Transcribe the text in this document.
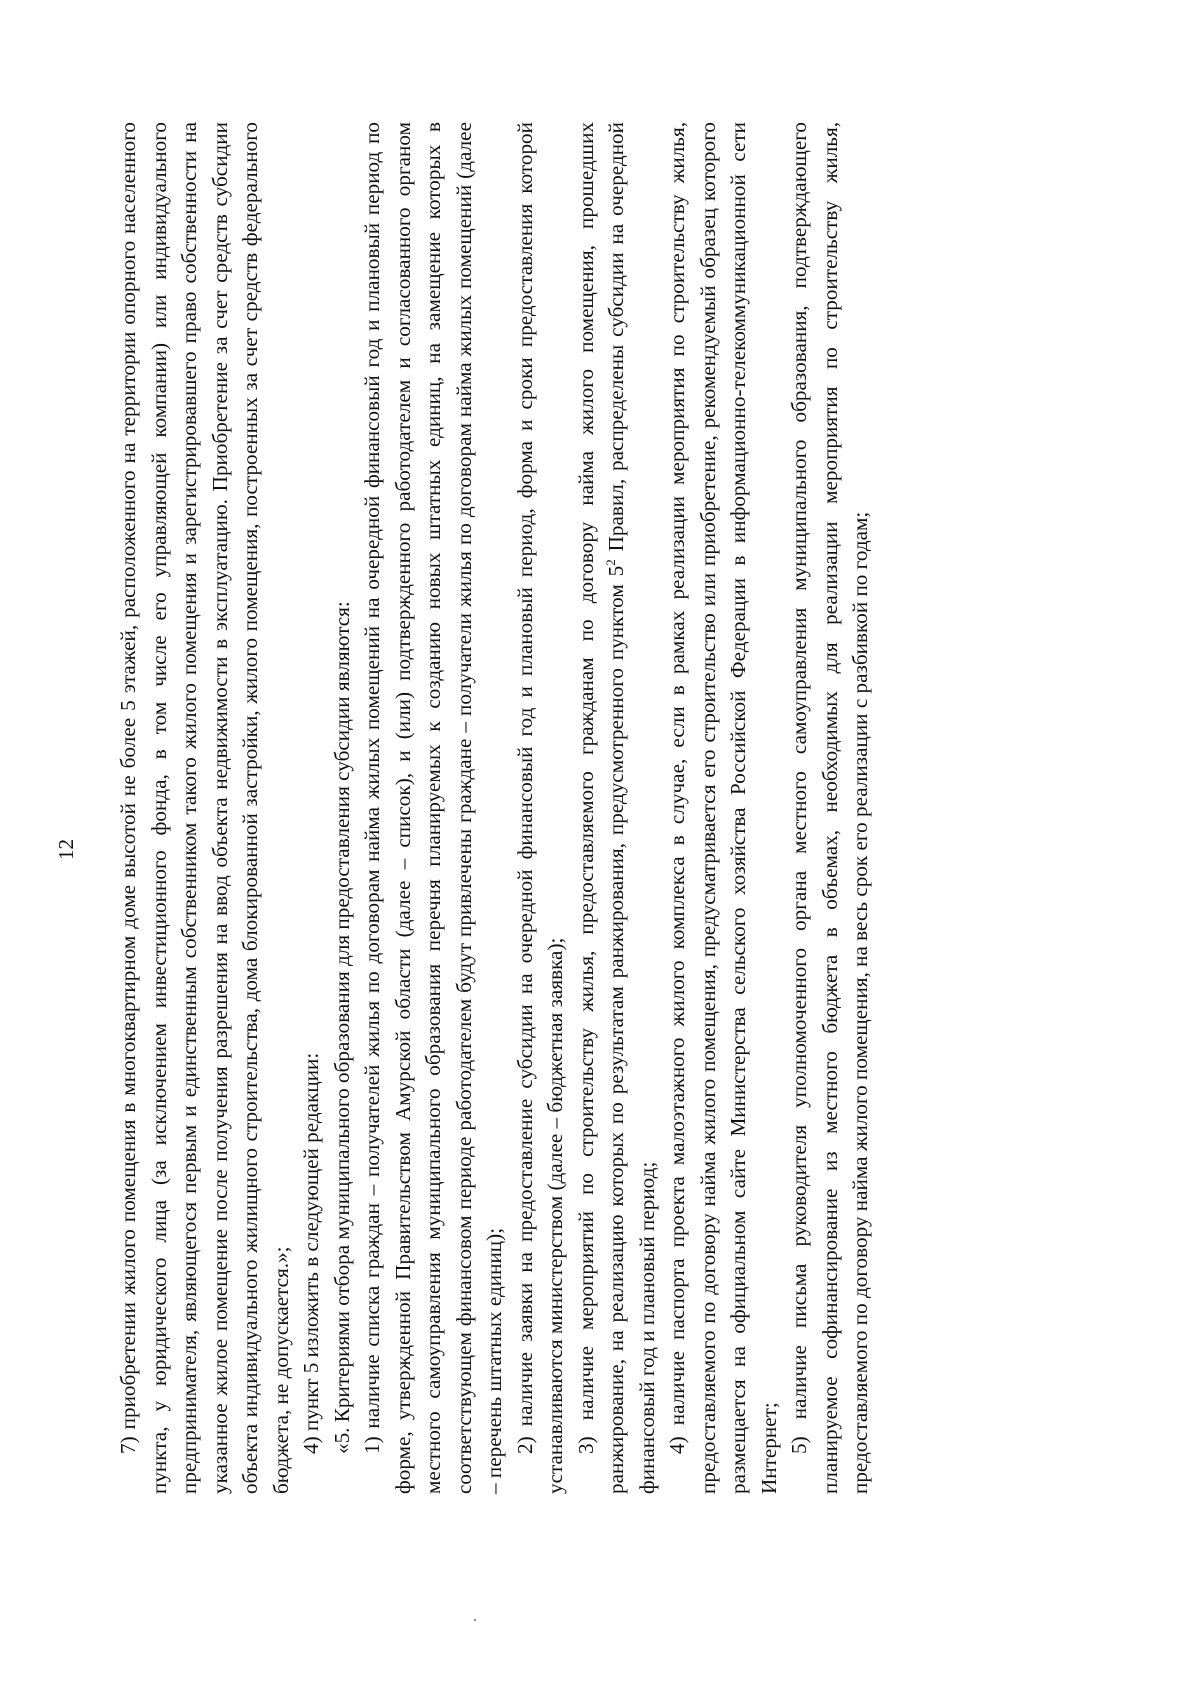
12 7) приобретении жилого помещения в многоквартирном доме высотой не более 5 этажей, расположенного на территории опорного населенного пункта, у юридического лица (за исключением инвестиционного фонда, в том числе его управляющей компании) или индивидуального предпринимателя, являющегося первым и единственным собственником такого жилого помещения и зарегистрировавшего право собственности на указанное жилое помещение после получения разрешения на ввод объекта недвижимости в эксплуатацию. Приобретение за счет средств субсидии объекта индивидуального жилищного строительства, дома блокированной застройки, жилого помещения, построенных за счет средств федерального бюджета, не допускается.»; 4) пункт 5 изложить в следующей редакции: «5. Критериями отбора муниципального образования для предоставления субсидии являются: 1) наличие списка граждан – получателей жилья по договорам найма жилых помещений на очередной финансовый год и плановый период по форме, утвержденной Правительством Амурской области (далее – список), и (или) подтвержденного работодателем и согласованного органом местного самоуправления муниципального образования перечня планируемых к созданию новых штатных единиц, на замещение которых в соответствующем финансовом периоде работодателем будут привлечены граждане – получатели жилья по договорам найма жилых помещений (далее – перечень штатных единиц); 2) наличие заявки на предоставление субсидии на очередной финансовый год и плановый период, форма и сроки предоставления которой устанавливаются министерством (далее – бюджетная заявка); 3) наличие мероприятий по строительству жилья, предоставляемого гражданам по договору найма жилого помещения, прошедших ранжирование, на реализацию которых по результатам ранжирования, предусмотренного пунктом $5^2$ Правил, распределены субсидии на очередной финансовый год и плановый период; 4) наличие паспорта проекта малоэтажного жилого комплекса в случае, если в рамках реализации мероприятия по строительству жилья, предоставляемого по договору найма жилого помещения, предусматривается его строительство или приобретение, рекомендуемый образец которого размещается на официальном сайте Министерства сельского хозяйства Российской Федерации в информационно-телекоммуникационной сети Интернет; 5) наличие письма руководителя уполномоченного органа местного самоуправления муниципального образования, подтверждающего планируемое софинансирование из местного бюджета в объемах, необходимых для реализации мероприятия по строительству жилья, предоставляемого по договору найма жилого помещения, на весь срок его реализации с разбивкой по годам;
